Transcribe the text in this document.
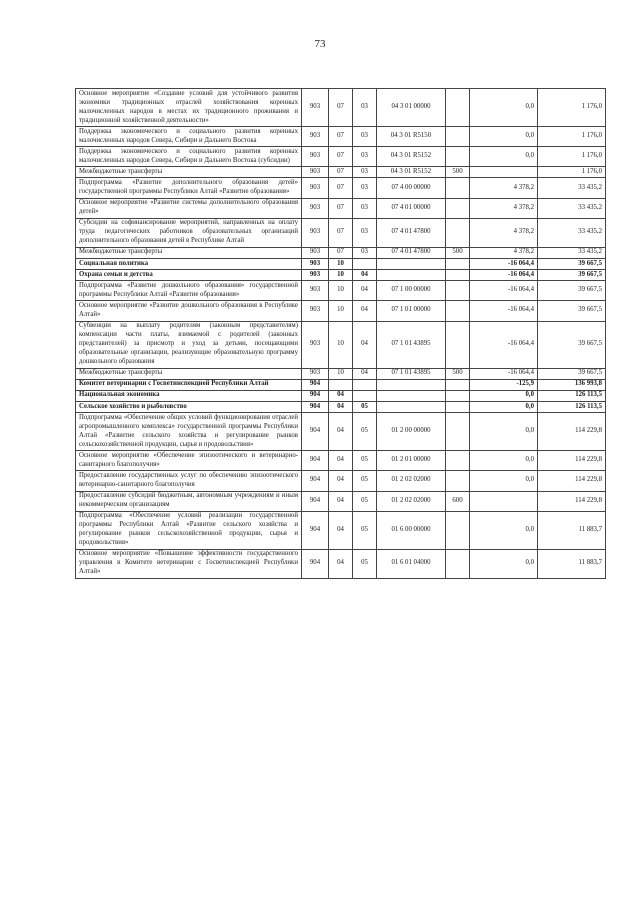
73
Основное мероприятие «Создание условий для устойчивого развития экономики традиционных отраслей хозяйствования коренных малочисленных народов в местах их традиционного проживания и традиционной хозяйственной деятельности»	903	07	03	04 3 01 00000		0,0	1 176,0
Поддержка экономического и социального развития коренных малочисленных народов Севера, Сибири и Дальнего Востока	903	07	03	04 3 01 R5150		0,0	1 176,0
Поддержка экономического и социального развития коренных малочисленных народов Севера, Сибири и Дальнего Востока (субсидии)	903	07	03	04 3 01 R5152		0,0	1 176,0
Межбюджетные трансферты	903	07	03	04 3 01 R5152	500		1 176,0
Подпрограмма «Развитие дополнительного образования детей» государственной программы Республики Алтай «Развитие образования»	903	07	03	07 4 00 00000		4 378,2	33 435,2
Основное мероприятие «Развитие системы дополнительного образования детей»	903	07	03	07 4 01 00000		4 378,2	33 435,2
Субсидии на софинансирование мероприятий, направленных на оплату труда педагогических работников образовательных организаций дополнительного образования детей в Республике Алтай	903	07	03	07 4 01 47800		4 378,2	33 435,2
Межбюджетные трансферты	903	07	03	07 4 01 47800	500	4 378,2	33 435,2
Социальная политика	903	10				-16 064,4	39 667,5
Охрана семьи и детства	903	10	04			-16 064,4	39 667,5
Подпрограмма «Развитие дошкольного образования» государственной программы Республики Алтай «Развитие образования»	903	10	04	07 1 00 00000		-16 064,4	39 667,5
Основное мероприятие «Развитие дошкольного образования в Республике Алтай»	903	10	04	07 1 01 00000		-16 064,4	39 667,5
Субвенции на выплату родителям (законным представителям) компенсации части платы, взимаемой с родителей (законных представителей) за присмотр и уход за детьми, посещающими образовательные организации, реализующие образовательную программу дошкольного образования	903	10	04	07 1 01 43895		-16 064,4	39 667,5
Межбюджетные трансферты	903	10	04	07 1 01 43895	500	-16 064,4	39 667,5
Комитет ветеринарии с Госветинспекцией Республики Алтай	904					-125,9	136 993,8
Национальная экономика	904	04				0,0	126 113,5
Сельское хозяйство и рыболовство	904	04	05			0,0	126 113,5
Подпрограмма «Обеспечение общих условий функционирования отраслей агропромышленного комплекса» государственной программы Республики Алтай «Развитие сельского хозяйства и регулирование рынков сельскохозяйственной продукции, сырья и продовольствия»	904	04	05	01 2 00 00000		0,0	114 229,8
Основное мероприятие «Обеспечение эпизоотического и ветеринарно-санитарного благополучия»	904	04	05	01 2 01 00000		0,0	114 229,8
Предоставление государственных услуг по обеспечению эпизоотического ветеринарно-санитарного благополучия	904	04	05	01 2 02 02000		0,0	114 229,8
Предоставление субсидий бюджетным, автономным учреждениям и иным некоммерческим организациям	904	04	05	01 2 02 02000	600		114 229,8
Подпрограмма «Обеспечение условий реализации государственной программы Республики Алтай «Развитие сельского хозяйства и регулирование рынков сельскохозяйственной продукции, сырья и продовольствия»	904	04	05	01 6 00 00000		0,0	11 883,7
Основное мероприятие «Повышение эффективности государственного управления в Комитете ветеринарии с Госветинспекцией Республики Алтай»	904	04	05	01 6 01 04000		0,0	11 883,7
